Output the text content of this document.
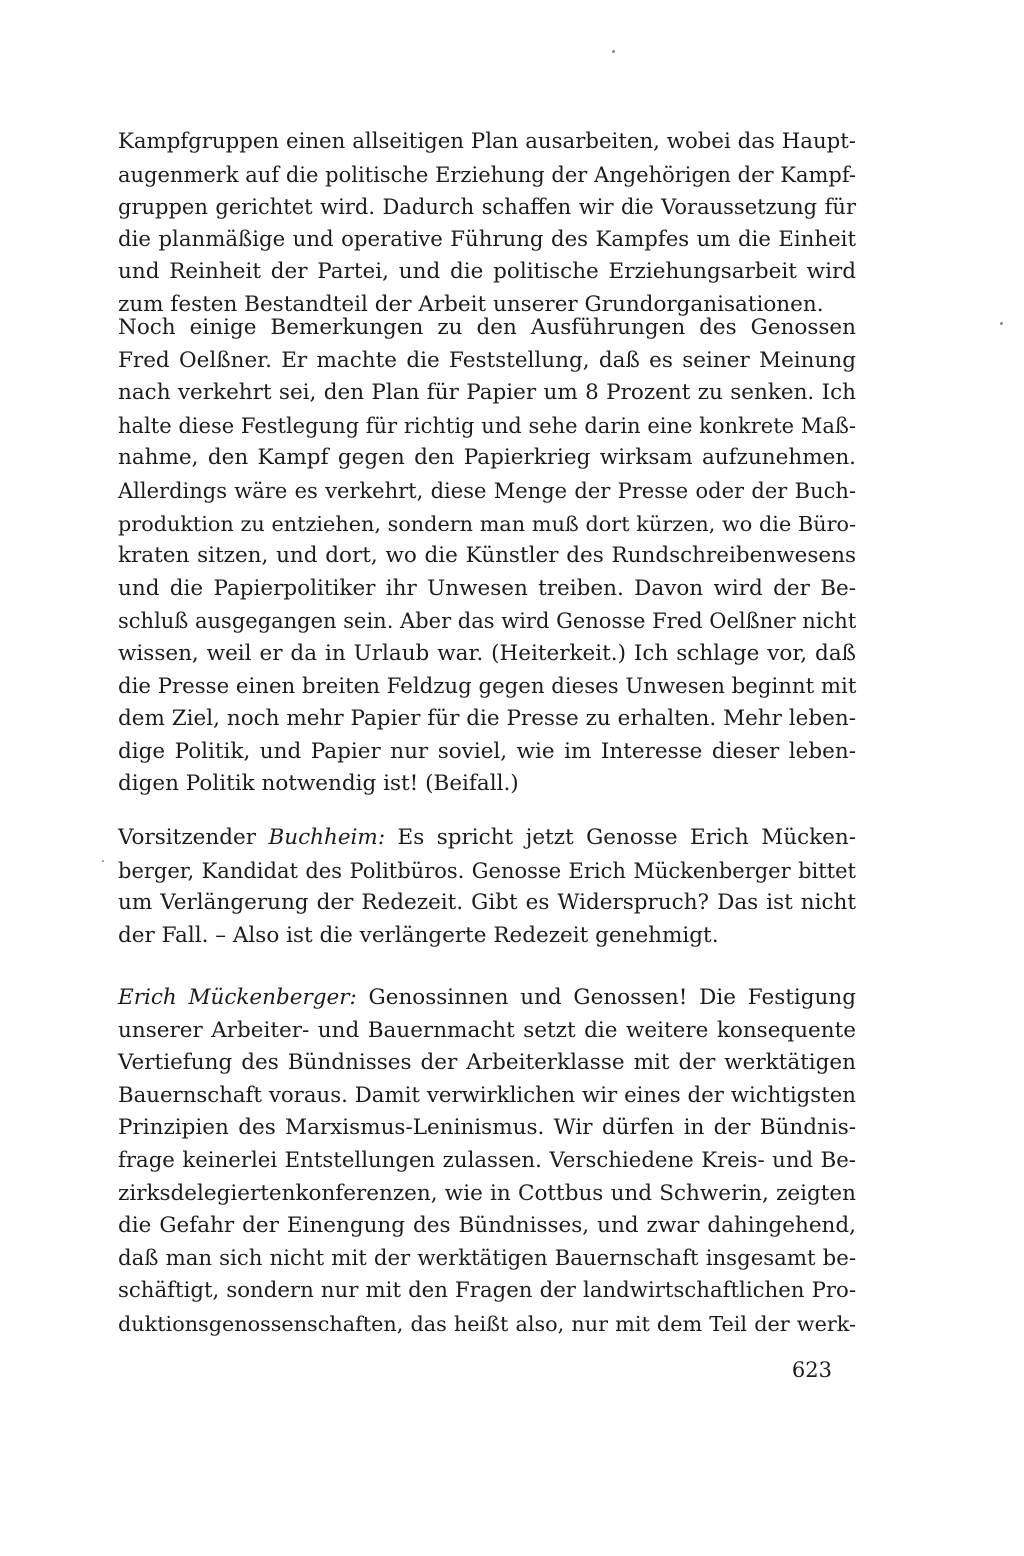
Kampfgruppen einen allseitigen Plan ausarbeiten, wobei das Haupt-
augenmerk auf die politische Erziehung der Angehörigen der Kampf-
gruppen gerichtet wird. Dadurch schaffen wir die Voraussetzung für
die planmäßige und operative Führung des Kampfes um die Einheit
und Reinheit der Partei, und die politische Erziehungsarbeit wird
zum festen Bestandteil der Arbeit unserer Grundorganisationen.
Noch einige Bemerkungen zu den Ausführungen des Genossen
Fred Oelßner. Er machte die Feststellung, daß es seiner Meinung
nach verkehrt sei, den Plan für Papier um 8 Prozent zu senken. Ich
halte diese Festlegung für richtig und sehe darin eine konkrete Maß-
nahme, den Kampf gegen den Papierkrieg wirksam aufzunehmen.
Allerdings wäre es verkehrt, diese Menge der Presse oder der Buch-
produktion zu entziehen, sondern man muß dort kürzen, wo die Büro-
kraten sitzen, und dort, wo die Künstler des Rundschreibenwesens
und die Papierpolitiker ihr Unwesen treiben. Davon wird der Be-
schluß ausgegangen sein. Aber das wird Genosse Fred Oelßner nicht
wissen, weil er da in Urlaub war. (Heiterkeit.) Ich schlage vor, daß
die Presse einen breiten Feldzug gegen dieses Unwesen beginnt mit
dem Ziel, noch mehr Papier für die Presse zu erhalten. Mehr leben-
dige Politik, und Papier nur soviel, wie im Interesse dieser leben-
digen Politik notwendig ist! (Beifall.)
Vorsitzender Buchheim: Es spricht jetzt Genosse Erich Mücken-
berger, Kandidat des Politbüros. Genosse Erich Mückenberger bittet
um Verlängerung der Redezeit. Gibt es Widerspruch? Das ist nicht
der Fall. – Also ist die verlängerte Redezeit genehmigt.
Erich Mückenberger: Genossinnen und Genossen! Die Festigung
unserer Arbeiter- und Bauernmacht setzt die weitere konsequente
Vertiefung des Bündnisses der Arbeiterklasse mit der werktätigen
Bauernschaft voraus. Damit verwirklichen wir eines der wichtigsten
Prinzipien des Marxismus-Leninismus. Wir dürfen in der Bündnis-
frage keinerlei Entstellungen zulassen. Verschiedene Kreis- und Be-
zirksdelegiertenkonferenzen, wie in Cottbus und Schwerin, zeigten
die Gefahr der Einengung des Bündnisses, und zwar dahingehend,
daß man sich nicht mit der werktätigen Bauernschaft insgesamt be-
schäftigt, sondern nur mit den Fragen der landwirtschaftlichen Pro-
duktionsgenossenschaften, das heißt also, nur mit dem Teil der werk-
623
